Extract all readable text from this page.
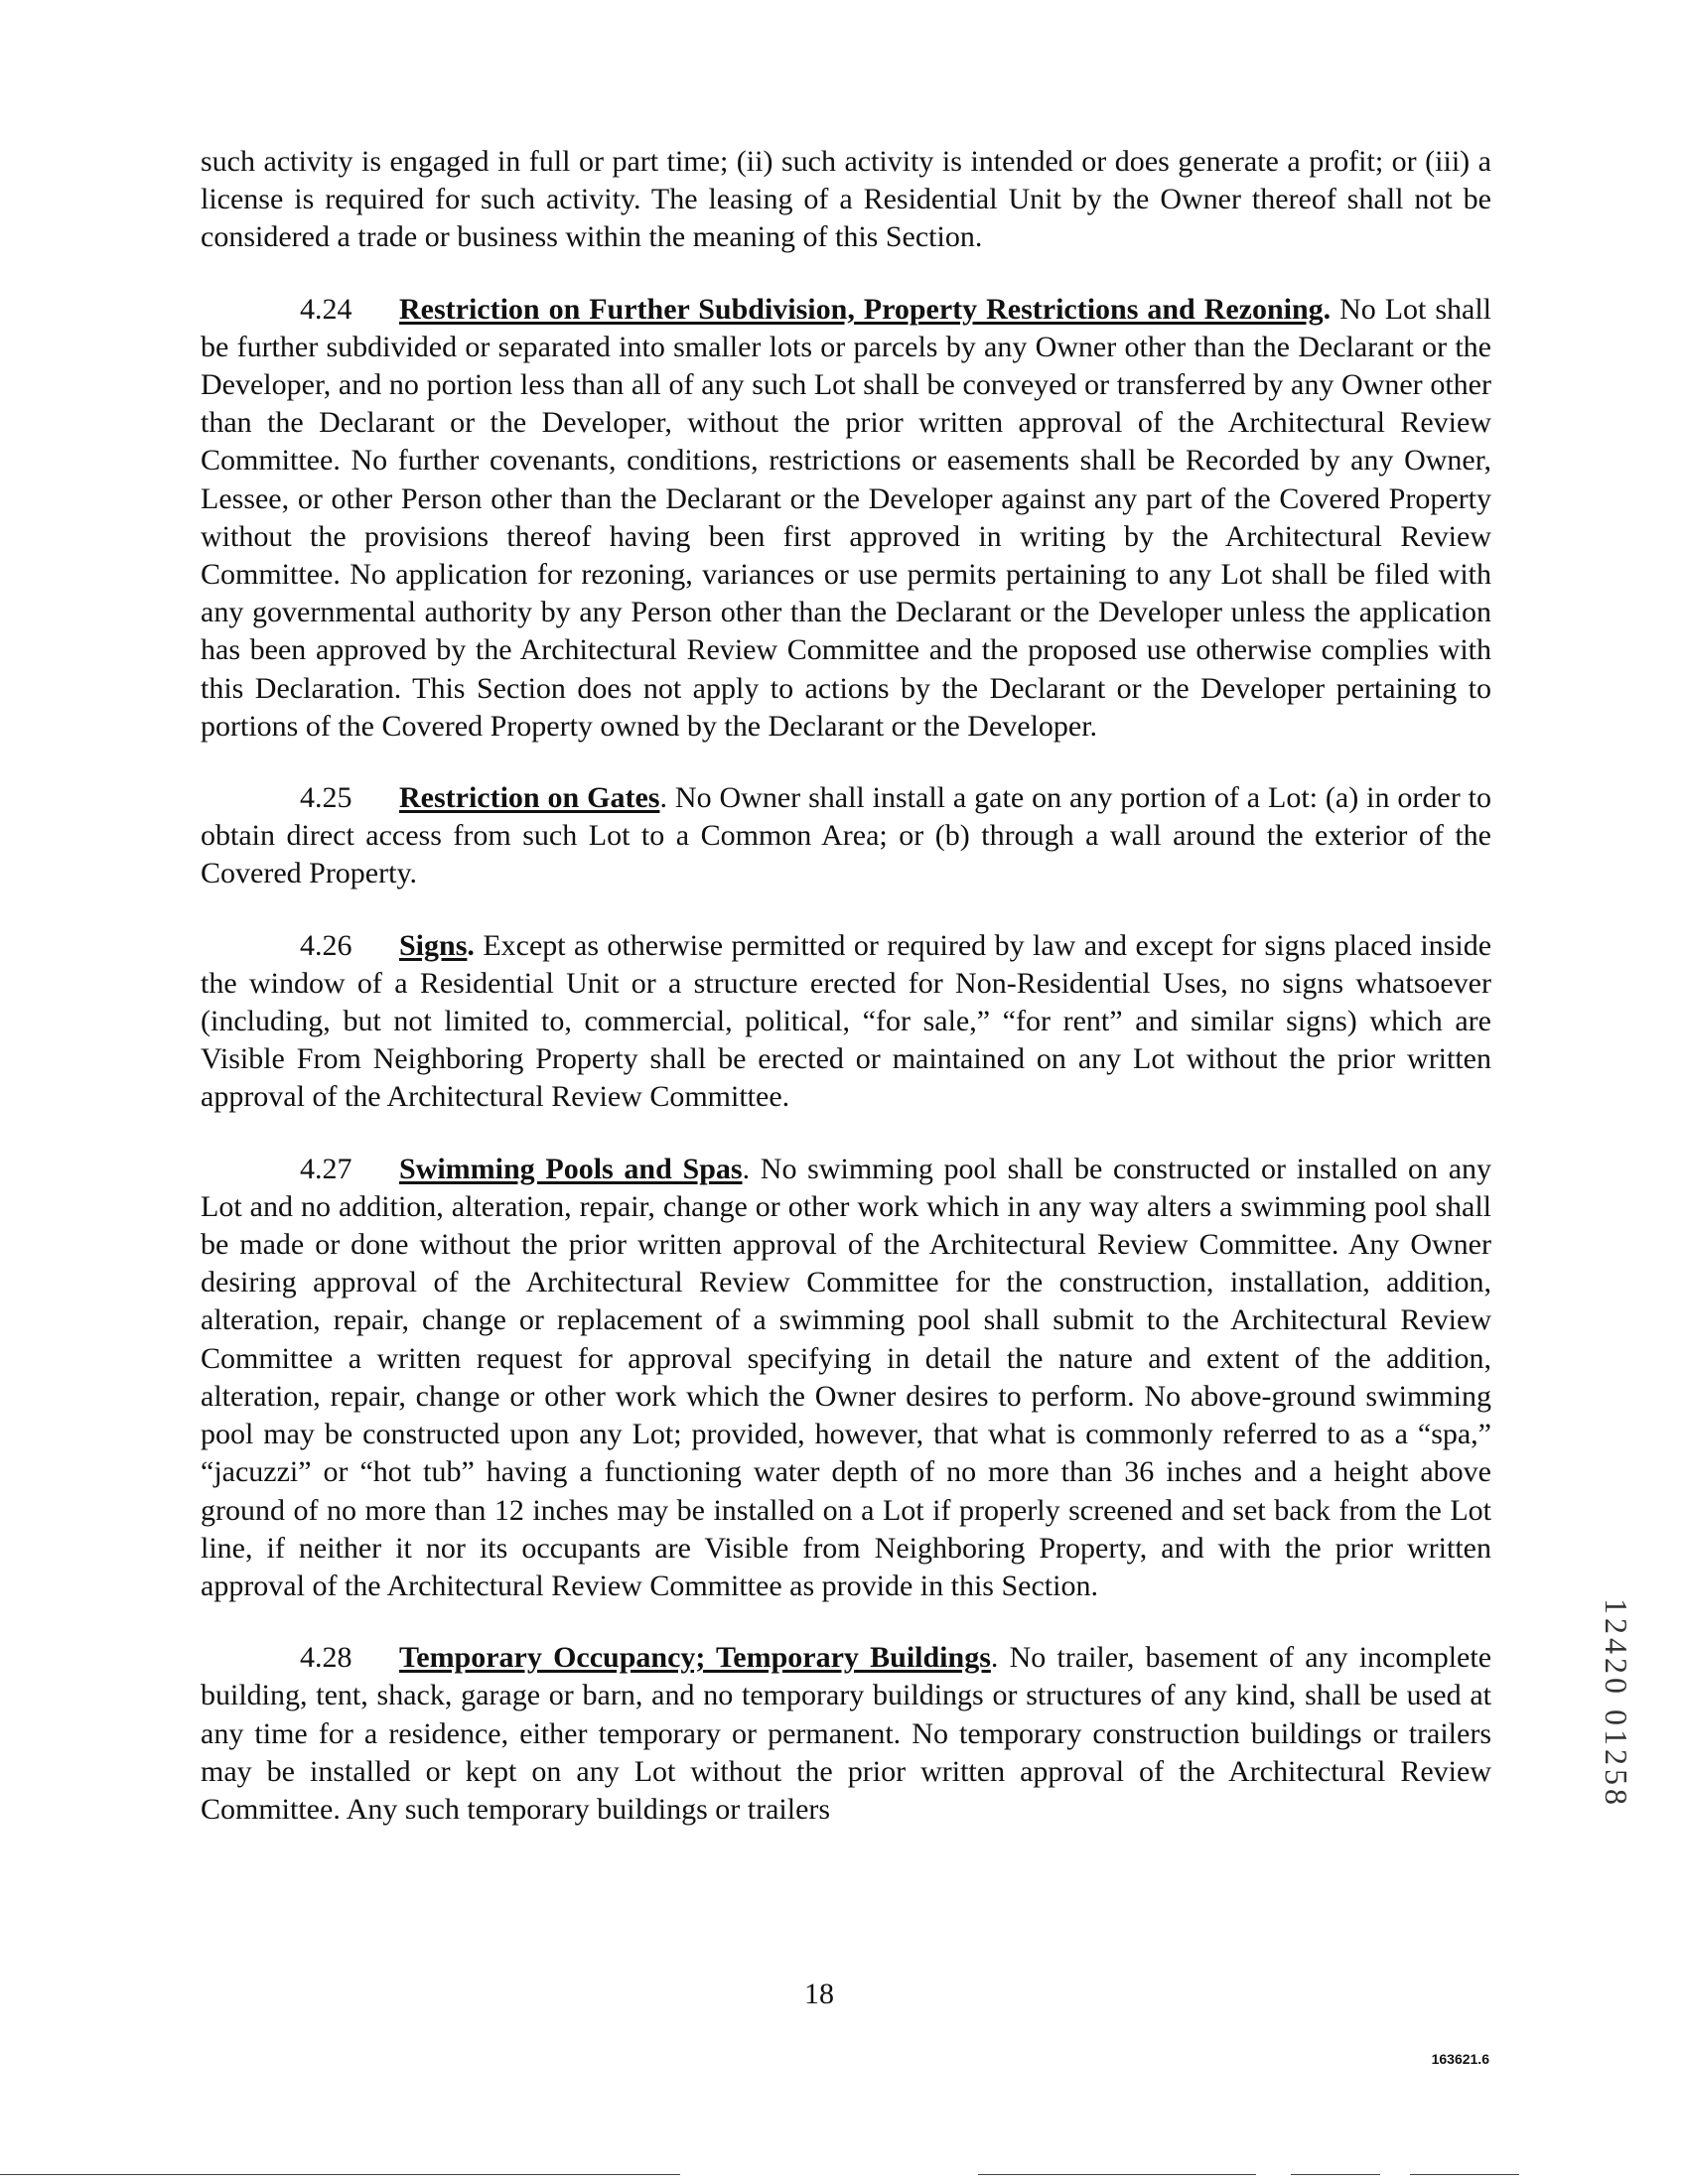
such activity is engaged in full or part time; (ii) such activity is intended or does generate a profit; or (iii) a license is required for such activity. The leasing of a Residential Unit by the Owner thereof shall not be considered a trade or business within the meaning of this Section.

4.24 Restriction on Further Subdivision, Property Restrictions and Rezoning. No Lot shall be further subdivided or separated into smaller lots or parcels by any Owner other than the Declarant or the Developer, and no portion less than all of any such Lot shall be conveyed or transferred by any Owner other than the Declarant or the Developer, without the prior written approval of the Architectural Review Committee. No further covenants, conditions, restrictions or easements shall be Recorded by any Owner, Lessee, or other Person other than the Declarant or the Developer against any part of the Covered Property without the provisions thereof having been first approved in writing by the Architectural Review Committee. No application for rezoning, variances or use permits pertaining to any Lot shall be filed with any governmental authority by any Person other than the Declarant or the Developer unless the application has been approved by the Architectural Review Committee and the proposed use otherwise complies with this Declaration. This Section does not apply to actions by the Declarant or the Developer pertaining to portions of the Covered Property owned by the Declarant or the Developer.

4.25 Restriction on Gates. No Owner shall install a gate on any portion of a Lot: (a) in order to obtain direct access from such Lot to a Common Area; or (b) through a wall around the exterior of the Covered Property.

4.26 Signs. Except as otherwise permitted or required by law and except for signs placed inside the window of a Residential Unit or a structure erected for Non-Residential Uses, no signs whatsoever (including, but not limited to, commercial, political, “for sale,” “for rent” and similar signs) which are Visible From Neighboring Property shall be erected or maintained on any Lot without the prior written approval of the Architectural Review Committee.

4.27 Swimming Pools and Spas. No swimming pool shall be constructed or installed on any Lot and no addition, alteration, repair, change or other work which in any way alters a swimming pool shall be made or done without the prior written approval of the Architectural Review Committee. Any Owner desiring approval of the Architectural Review Committee for the construction, installation, addition, alteration, repair, change or replacement of a swimming pool shall submit to the Architectural Review Committee a written request for approval specifying in detail the nature and extent of the addition, alteration, repair, change or other work which the Owner desires to perform. No above-ground swimming pool may be constructed upon any Lot; provided, however, that what is commonly referred to as a “spa,” “jacuzzi” or “hot tub” having a functioning water depth of no more than 36 inches and a height above ground of no more than 12 inches may be installed on a Lot if properly screened and set back from the Lot line, if neither it nor its occupants are Visible from Neighboring Property, and with the prior written approval of the Architectural Review Committee as provide in this Section.

4.28 Temporary Occupancy; Temporary Buildings. No trailer, basement of any incomplete building, tent, shack, garage or barn, and no temporary buildings or structures of any kind, shall be used at any time for a residence, either temporary or permanent. No temporary construction buildings or trailers may be installed or kept on any Lot without the prior written approval of the Architectural Review Committee. Any such temporary buildings or trailers

12420 01258
18
163621.6
